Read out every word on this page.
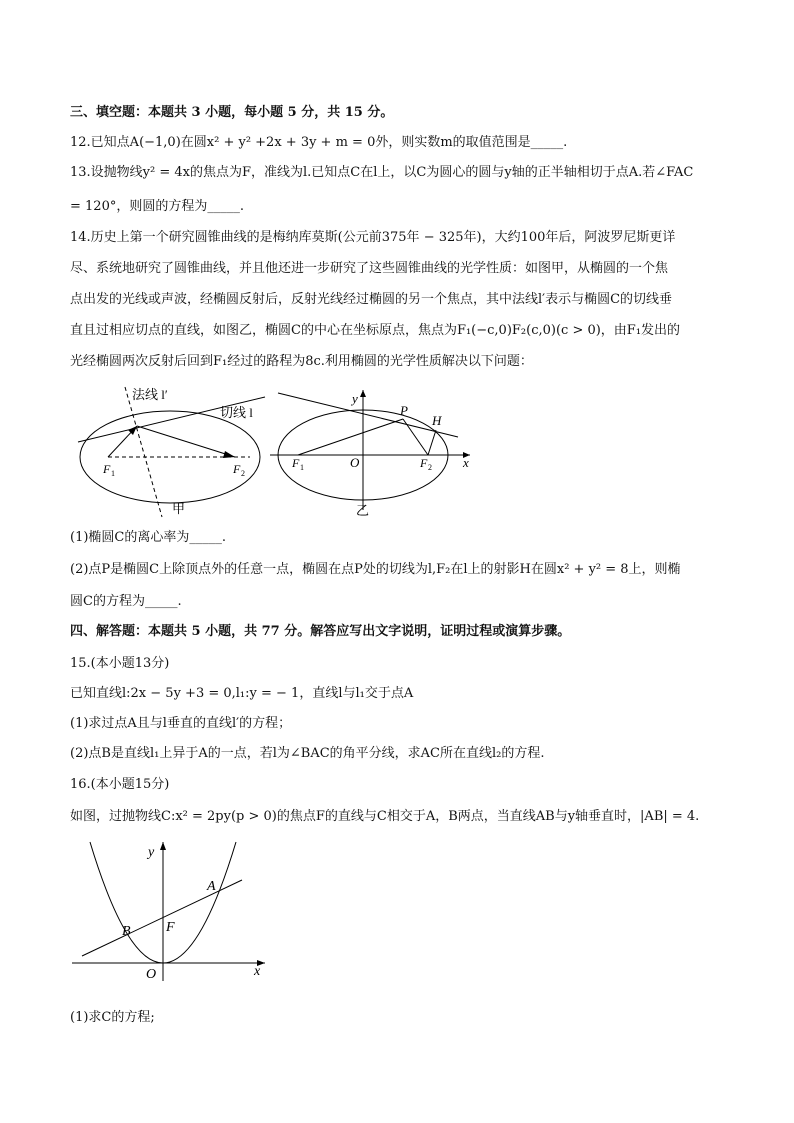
三、填空题：本题共 3 小题，每小题 5 分，共 15 分。
12.已知点A(−1,0)在圆x² + y² +2x + 3y + m = 0外，则实数m的取值范围是_____.
13.设抛物线y² = 4x的焦点为F，准线为l.已知点C在l上，以C为圆心的圆与y轴的正半轴相切于点A.若∠FAC
= 120°，则圆的方程为_____.
14.历史上第一个研究圆锥曲线的是梅纳库莫斯(公元前375年 − 325年)，大约100年后，阿波罗尼斯更详
尽、系统地研究了圆锥曲线，并且他还进一步研究了这些圆锥曲线的光学性质：如图甲，从椭圆的一个焦
点出发的光线或声波，经椭圆反射后，反射光线经过椭圆的另一个焦点，其中法线l′表示与椭圆C的切线垂
直且过相应切点的直线，如图乙，椭圆C的中心在坐标原点，焦点为F₁(−c,0)F₂(c,0)(c > 0)，由F₁发出的
光经椭圆两次反射后回到F₁经过的路程为8c.利用椭圆的光学性质解决以下问题：
法线 l′
切线 l
F 1	F 2
甲
y
x
P
H
F 1	O	F 2
乙
(1)椭圆C的离心率为_____.
(2)点P是椭圆C上除顶点外的任意一点，椭圆在点P处的切线为l,F₂在l上的射影H在圆x² + y² = 8上，则椭
圆C的方程为_____.
四、解答题：本题共 5 小题，共 77 分。解答应写出文字说明，证明过程或演算步骤。
15.(本小题13分)
已知直线l:2x − 5y +3 = 0,l₁:y = − 1，直线l与l₁交于点A
(1)求过点A且与l垂直的直线l′的方程；
(2)点B是直线l₁上异于A的一点，若l为∠BAC的角平分线，求AC所在直线l₂的方程.
16.(本小题15分)
如图，过抛物线C:x² = 2py(p > 0)的焦点F的直线与C相交于A，B两点，当直线AB与y轴垂直时，|AB| = 4.
y
x
A
B	F
O
(1)求C的方程;
